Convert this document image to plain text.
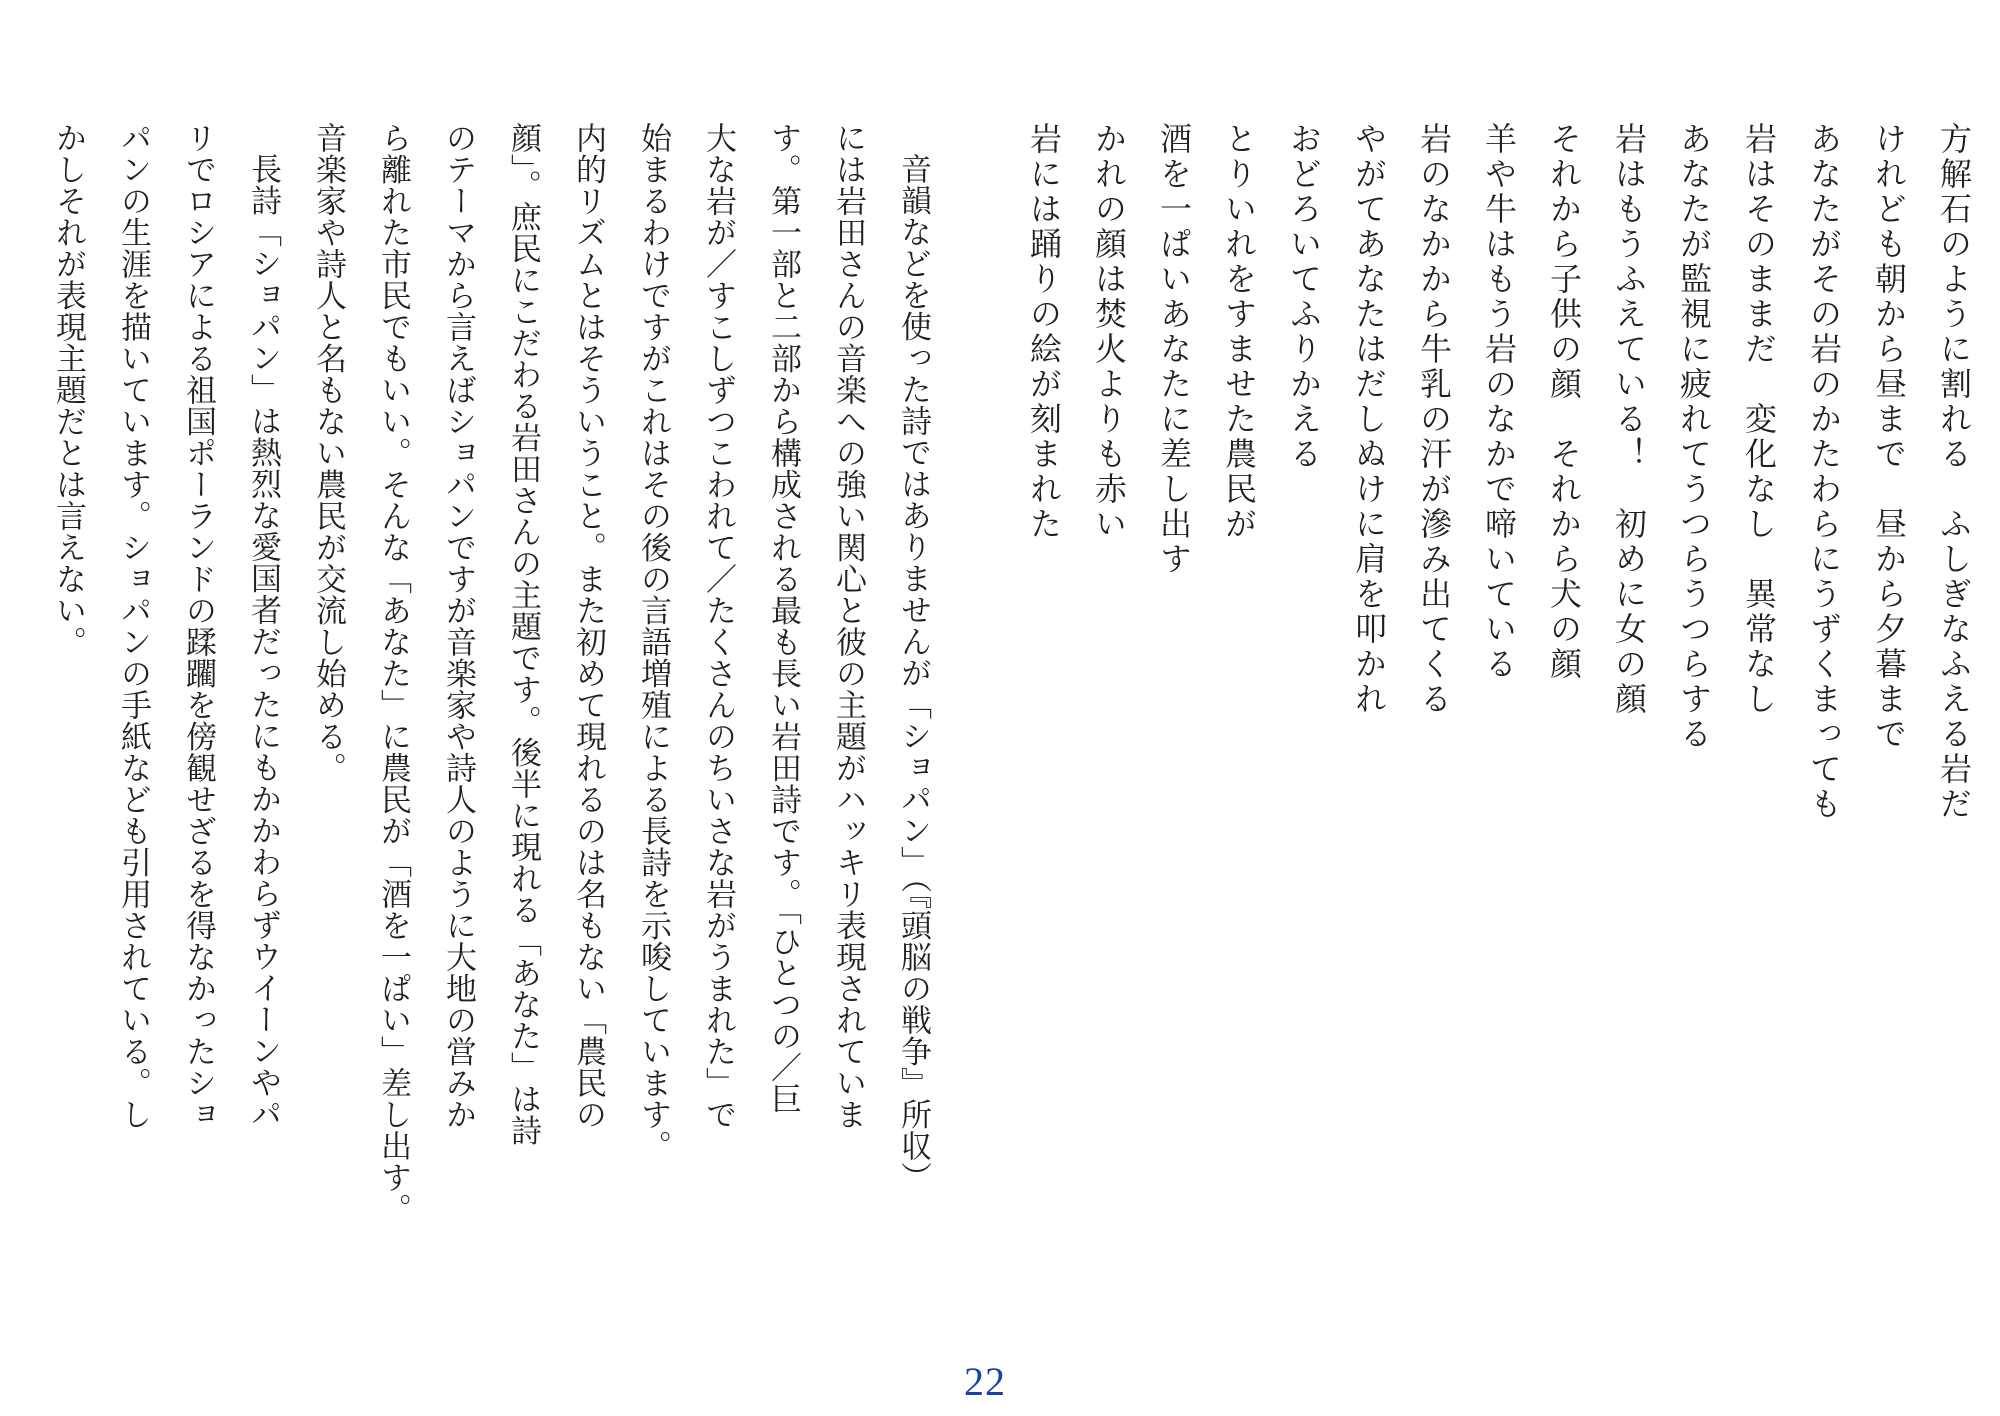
方解石のように割れる　ふしぎなふえる岩だ

けれども朝から昼まで　昼から夕暮まで

あなたがその岩のかたわらにうずくまっても

岩はそのままだ　変化なし　異常なし

あなたが監視に疲れてうつらうつらする

岩はもうふえている！　初めに女の顔

それから子供の顔　それから犬の顔

羊や牛はもう岩のなかで啼いている

岩のなかから牛乳の汗が滲み出てくる

やがてあなたはだしぬけに肩を叩かれ

おどろいてふりかえる

とりいれをすませた農民が

酒を一ぱいあなたに差し出す

かれの顔は焚火よりも赤い

岩には踊りの絵が刻まれた

音韻などを使った詩ではありませんが「ショパン」（『頭脳の戦争』所収）

には岩田さんの音楽への強い関心と彼の主題がハッキリ表現されていま

す。第一部と二部から構成される最も長い岩田詩です。「ひとつの／巨

大な岩が／すこしずつこわれて／たくさんのちいさな岩がうまれた」で

始まるわけですがこれはその後の言語増殖による長詩を示唆しています。

内的リズムとはそういうこと。また初めて現れるのは名もない「農民の

顔」。庶民にこだわる岩田さんの主題です。後半に現れる「あなた」は詩

のテーマから言えばショパンですが音楽家や詩人のように大地の営みか

ら離れた市民でもいい。そんな「あなた」に農民が「酒を一ぱい」差し出す。

音楽家や詩人と名もない農民が交流し始める。

長詩「ショパン」は熱烈な愛国者だったにもかかわらずウイーンやパ

リでロシアによる祖国ポーランドの蹂躙を傍観せざるを得なかったショ

パンの生涯を描いています。ショパンの手紙なども引用されている。し

かしそれが表現主題だとは言えない。

22
